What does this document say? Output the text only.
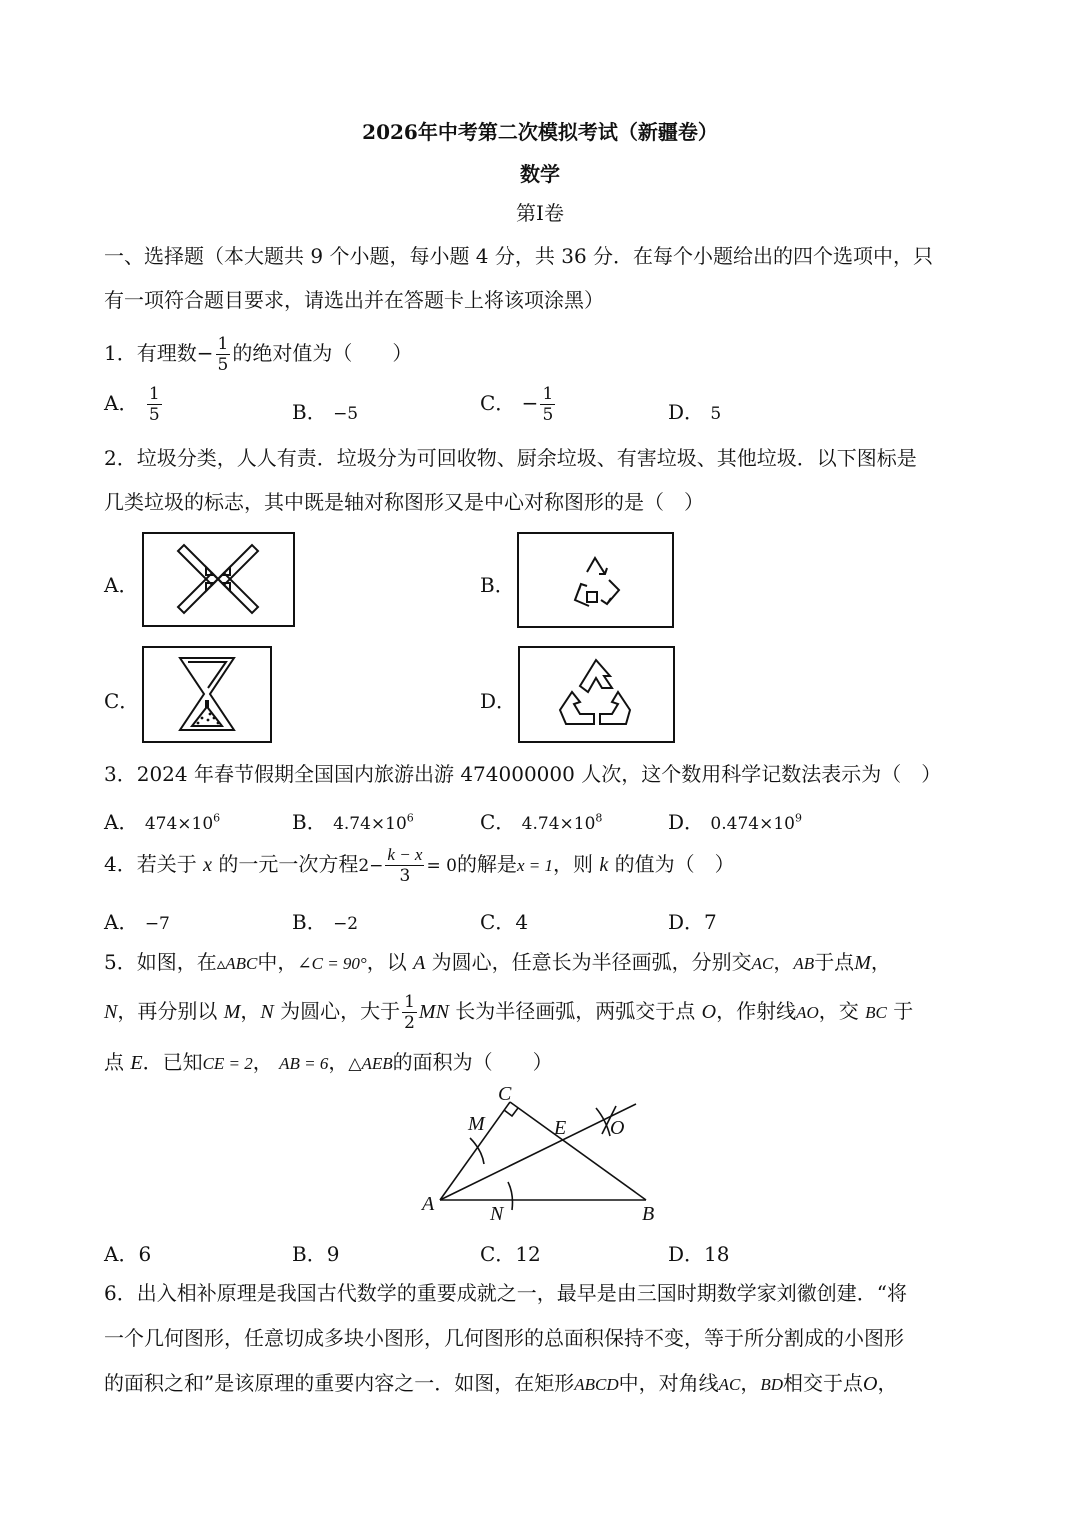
2026年中考第二次模拟考试（新疆卷）
数学
第Ⅰ卷
一、选择题（本大题共 9 个小题，每小题 4 分，共 36 分．在每个小题给出的四个选项中，只
有一项符合题目要求，请选出并在答题卡上将该项涂黑）
1．有理数− $\frac{1}{5}$ 的绝对值为（　　）
A． $\frac{1}{5}$	B． −5	C． − $\frac{1}{5}$	D． 5
2．垃圾分类，人人有责．垃圾分为可回收物、厨余垃圾、有害垃圾、其他垃圾．以下图标是
几类垃圾的标志，其中既是轴对称图形又是中心对称图形的是（　）
A．	B．
C．	D．
3．2024 年春节假期全国国内旅游出游 474000000 人次，这个数用科学记数法表示为（　）
A． $474\times 10^6$	B． $4.74\times 10^6$	C． $4.74\times 10^8$	D． $0.474\times 10^9$
4．若关于 x 的一元一次方程$2- \frac{k - x}{3} = 0$的解是x = 1，则 k 的值为（　）
A． −7	B． −2	C．4	D．7
5．如图，在▵ABC中，∠C = 90°，以 A 为圆心，任意长为半径画弧，分别交AC，AB于点M，
N，再分别以 M，N 为圆心，大于 $\frac{1}{2}$ MN 长为半径画弧，两弧交于点 O，作射线AO，交 BC 于
点 E．已知CE = 2， AB = 6，△AEB的面积为（　　）
C
M	E O
A	N	B
A．6	B．9	C．12	D．18
6．出入相补原理是我国古代数学的重要成就之一，最早是由三国时期数学家刘徽创建．“将
一个几何图形，任意切成多块小图形，几何图形的总面积保持不变，等于所分割成的小图形
的面积之和”是该原理的重要内容之一．如图，在矩形ABCD中，对角线AC，BD相交于点O，
